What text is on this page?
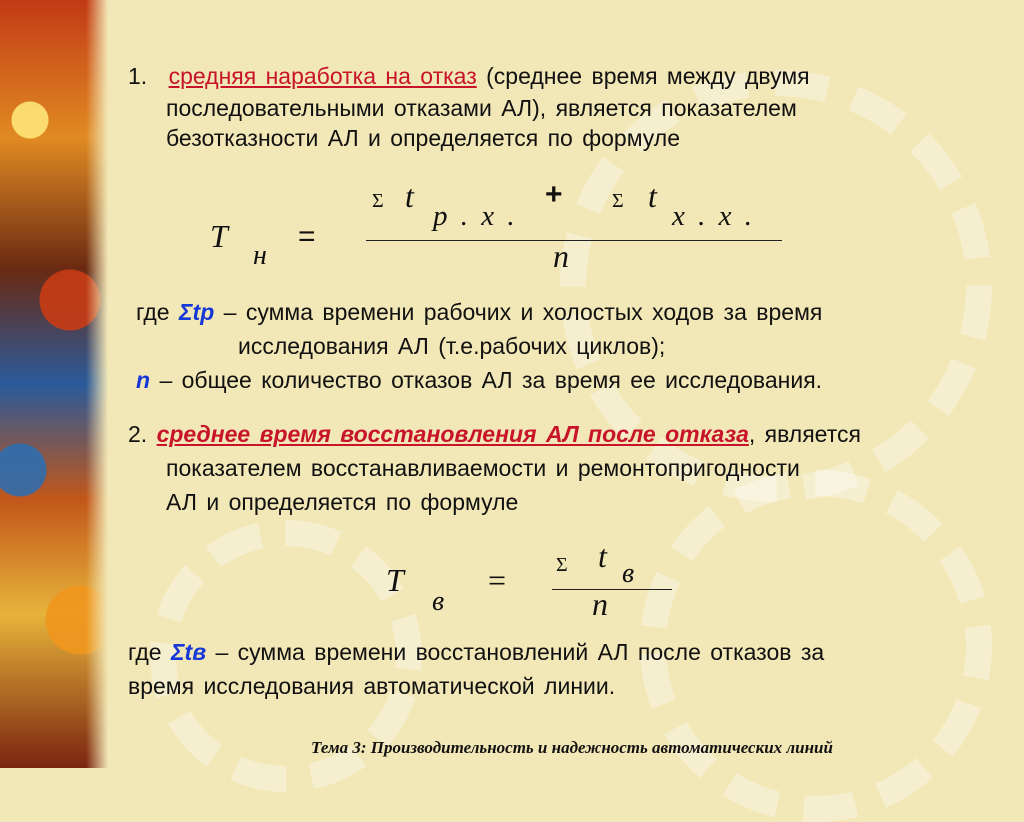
1. средняя наработка на отказ (среднее время между двумя
последовательными отказами АЛ), является показателем
безотказности АЛ и определяется по формуле
T
н
=
Σ t
р . х .
+ Σ t
х . х .
n
где Σtр – сумма времени рабочих и холостых ходов за время
исследования АЛ (т.е.рабочих циклов);
n – общее количество отказов АЛ за время ее исследования.
2. среднее время восстановления АЛ после отказа, является
показателем восстанавливаемости и ремонтопригодности
АЛ и определяется по формуле
T
в
= Σ t в
n
где Σtв – сумма времени восстановлений АЛ после отказов за
время исследования автоматической линии.
Тема 3: Производительность и надежность автоматических линий
